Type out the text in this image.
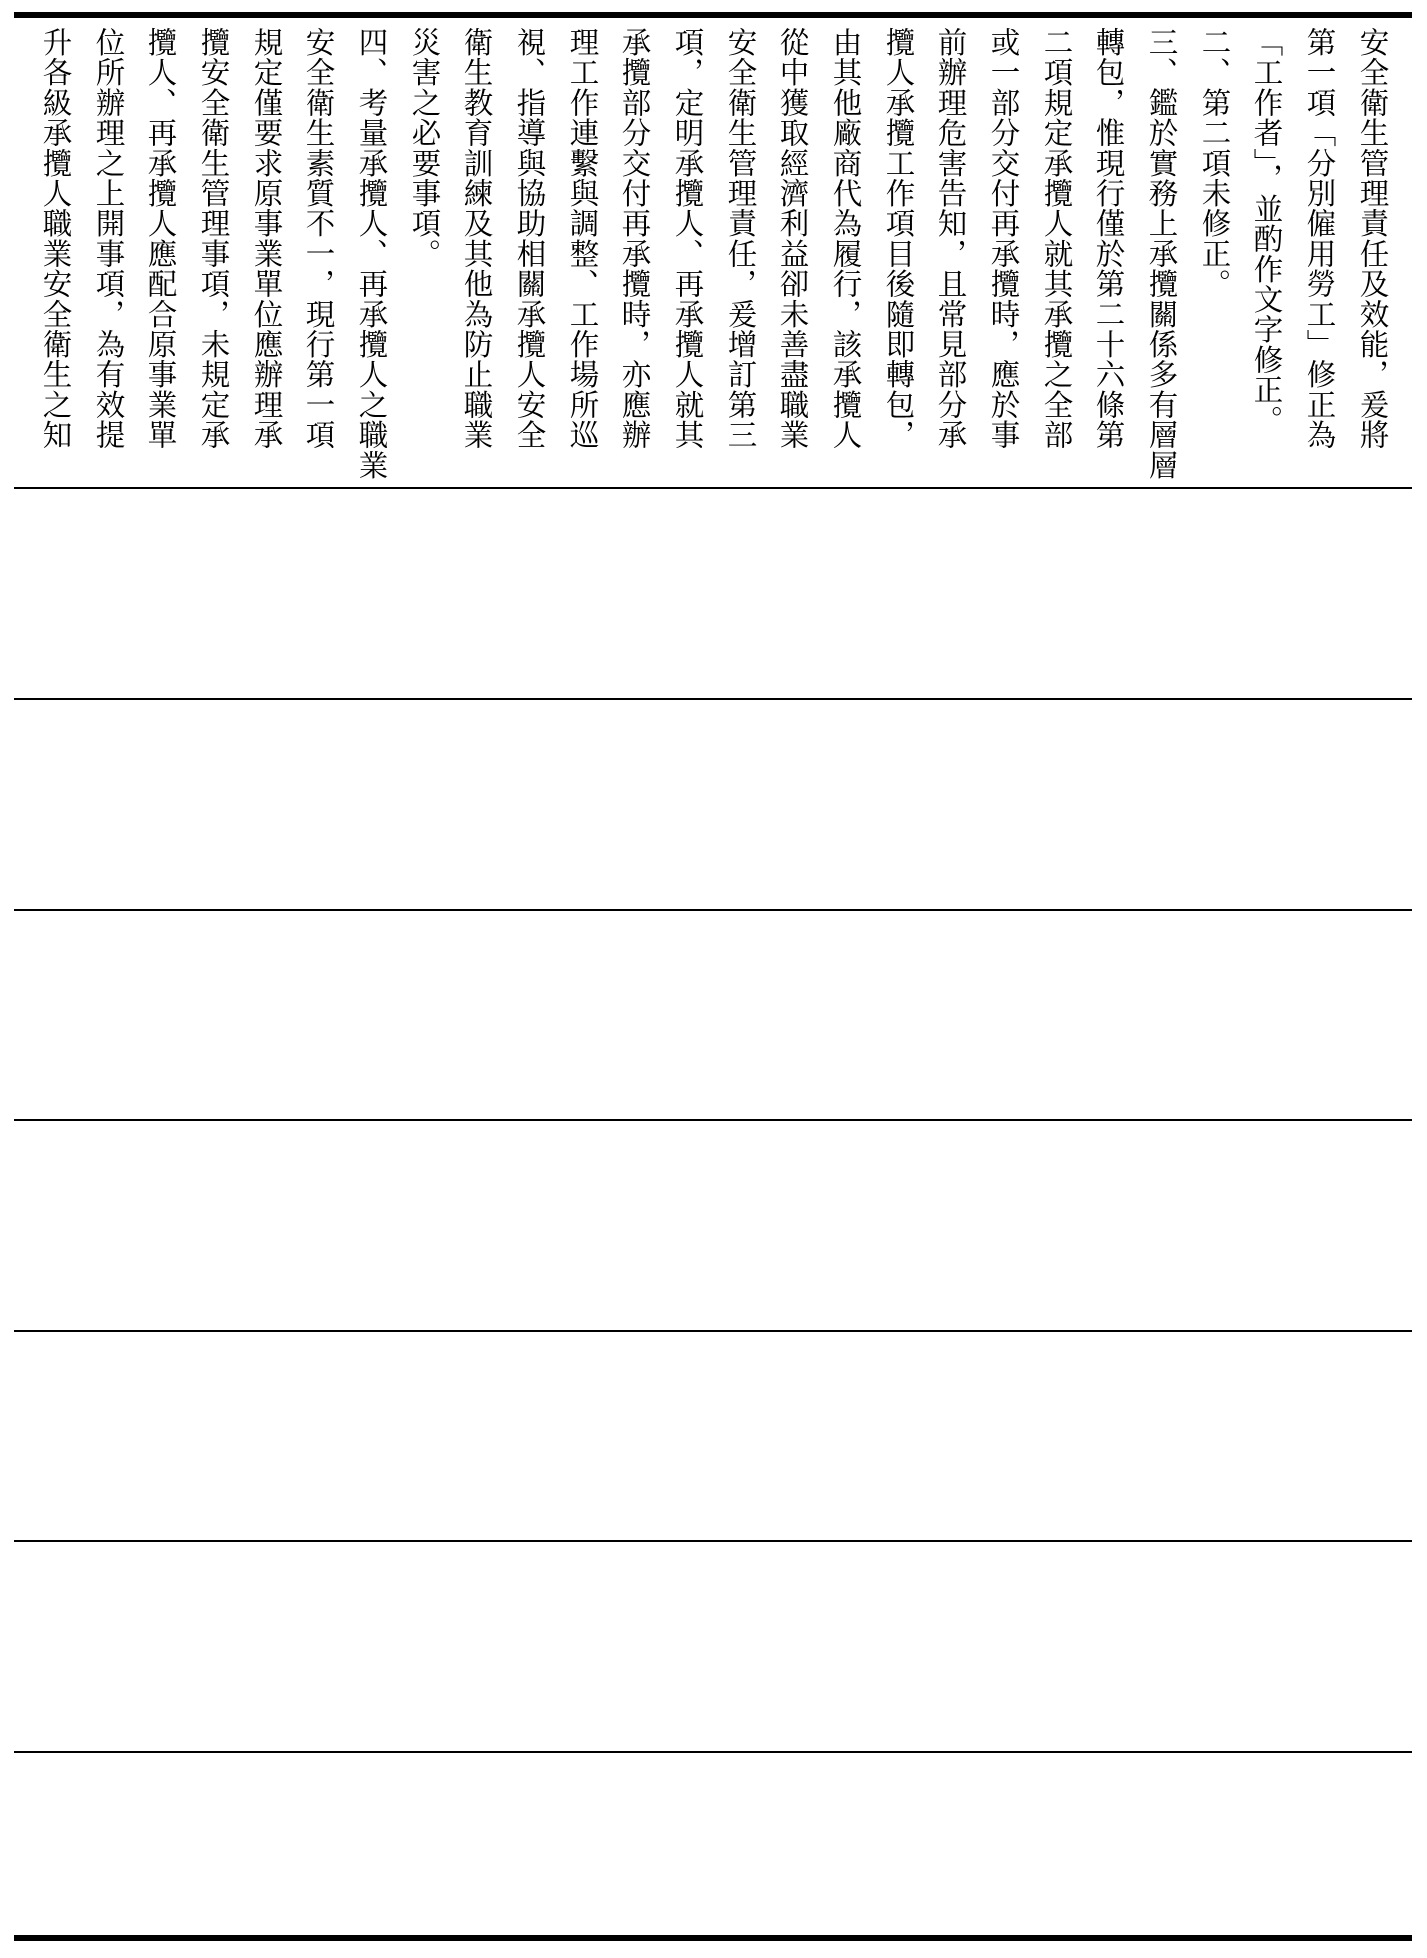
安全衛生管理責任及效能，爰將
第一項「分別僱用勞工」修正為
「工作者」，並酌作文字修正。
二、第二項未修正。
三、鑑於實務上承攬關係多有層層
轉包，惟現行僅於第二十六條第
二項規定承攬人就其承攬之全部
或一部分交付再承攬時，應於事
前辦理危害告知，且常見部分承
攬人承攬工作項目後隨即轉包，
由其他廠商代為履行，該承攬人
從中獲取經濟利益卻未善盡職業
安全衛生管理責任，爰增訂第三
項，定明承攬人、再承攬人就其
承攬部分交付再承攬時，亦應辦
理工作連繫與調整、工作場所巡
視、指導與協助相關承攬人安全
衛生教育訓練及其他為防止職業
災害之必要事項。
四、考量承攬人、再承攬人之職業
安全衛生素質不一，現行第一項
規定僅要求原事業單位應辦理承
攬安全衛生管理事項，未規定承
攬人、再承攬人應配合原事業單
位所辦理之上開事項，為有效提
升各級承攬人職業安全衛生之知
